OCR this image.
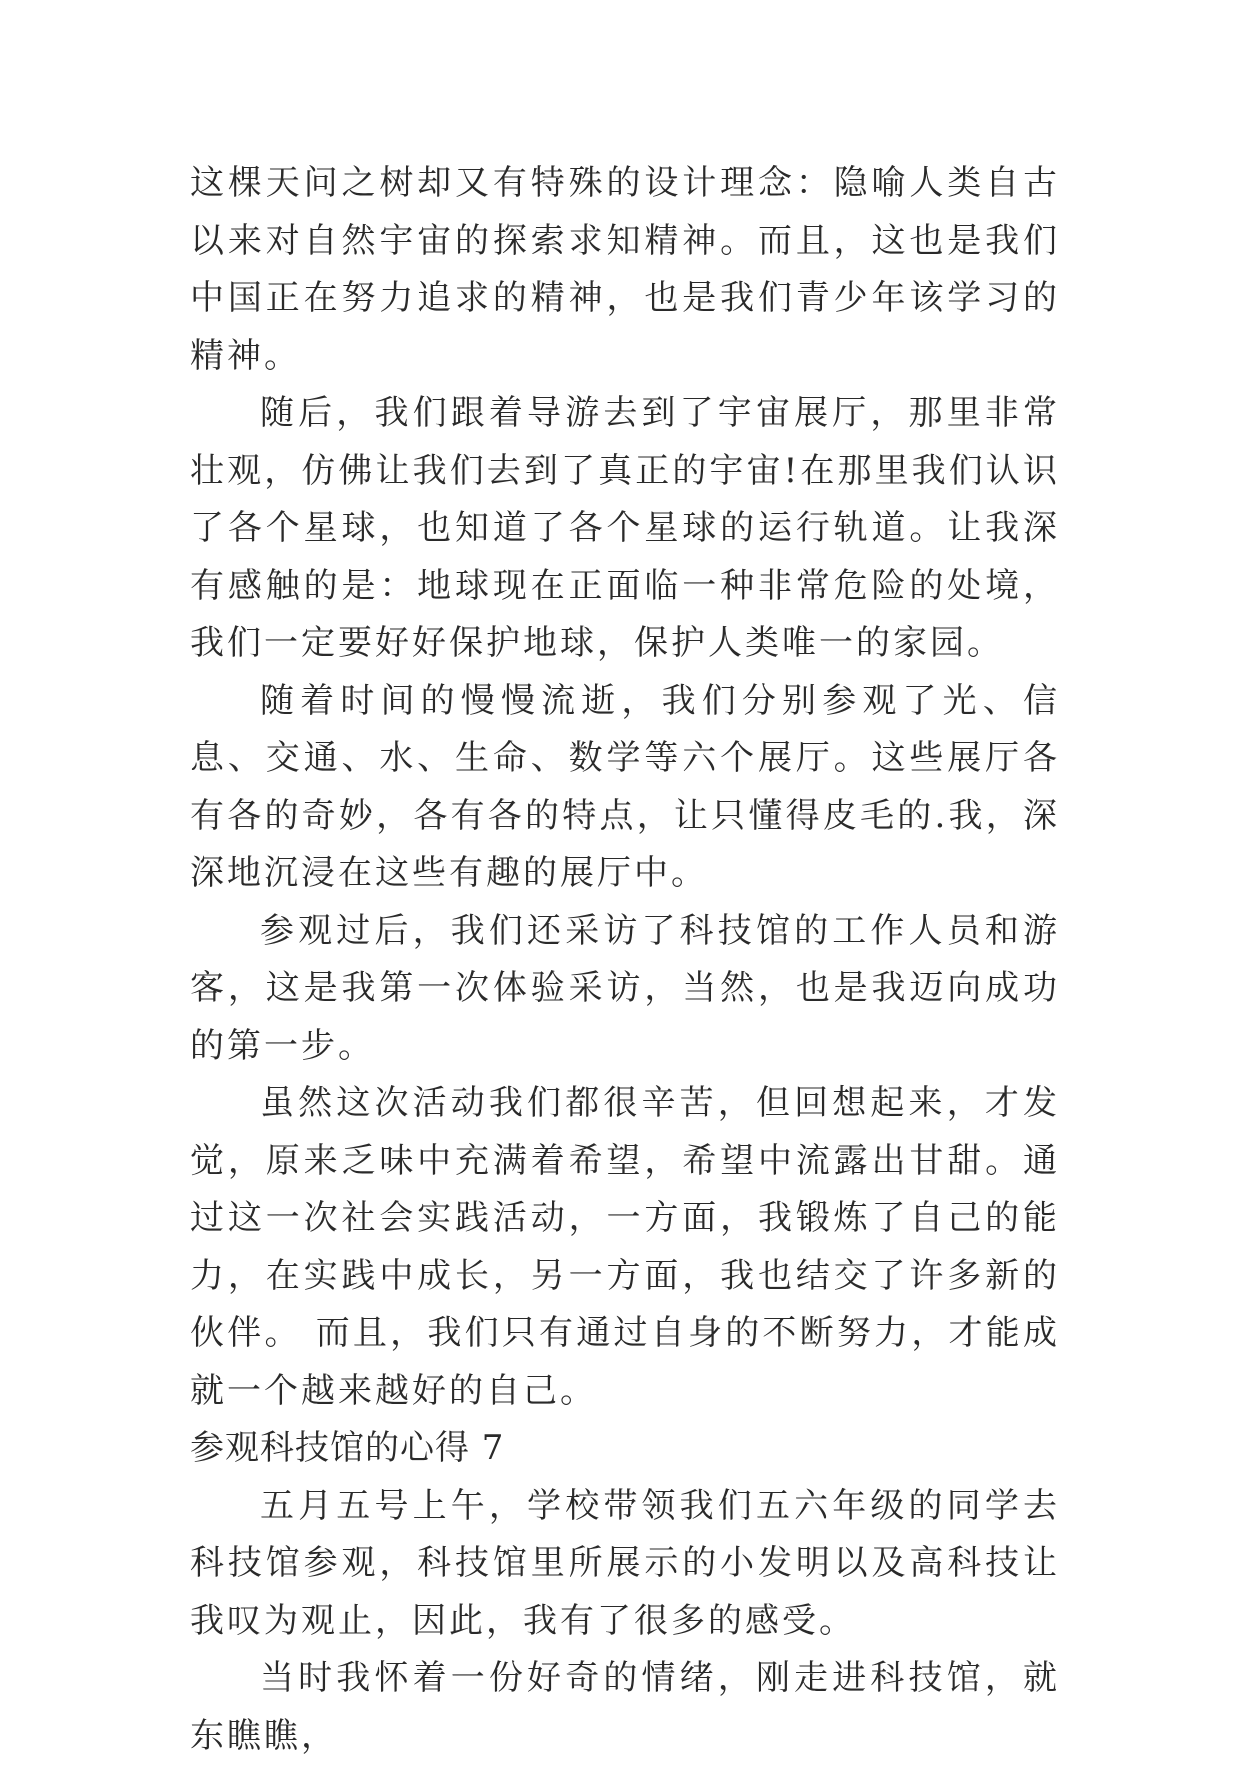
这棵天问之树却又有特殊的设计理念：隐喻人类自古以来对自然宇宙的探索求知精神。而且，这也是我们中国正在努力追求的精神，也是我们青少年该学习的精神。

随后，我们跟着导游去到了宇宙展厅，那里非常壮观，仿佛让我们去到了真正的宇宙!在那里我们认识了各个星球，也知道了各个星球的运行轨道。让我深有感触的是：地球现在正面临一种非常危险的处境，我们一定要好好保护地球，保护人类唯一的家园。

随着时间的慢慢流逝，我们分别参观了光、信息、交通、水、生命、数学等六个展厅。这些展厅各有各的奇妙，各有各的特点，让只懂得皮毛的.我，深深地沉浸在这些有趣的展厅中。

参观过后，我们还采访了科技馆的工作人员和游客，这是我第一次体验采访，当然，也是我迈向成功的第一步。

虽然这次活动我们都很辛苦，但回想起来，才发觉，原来乏味中充满着希望，希望中流露出甘甜。通过这一次社会实践活动，一方面，我锻炼了自己的能力，在实践中成长，另一方面，我也结交了许多新的伙伴。 而且，我们只有通过自身的不断努力，才能成就一个越来越好的自己。

参观科技馆的心得 7

五月五号上午，学校带领我们五六年级的同学去科技馆参观，科技馆里所展示的小发明以及高科技让我叹为观止，因此，我有了很多的感受。

当时我怀着一份好奇的情绪，刚走进科技馆，就东瞧瞧，
